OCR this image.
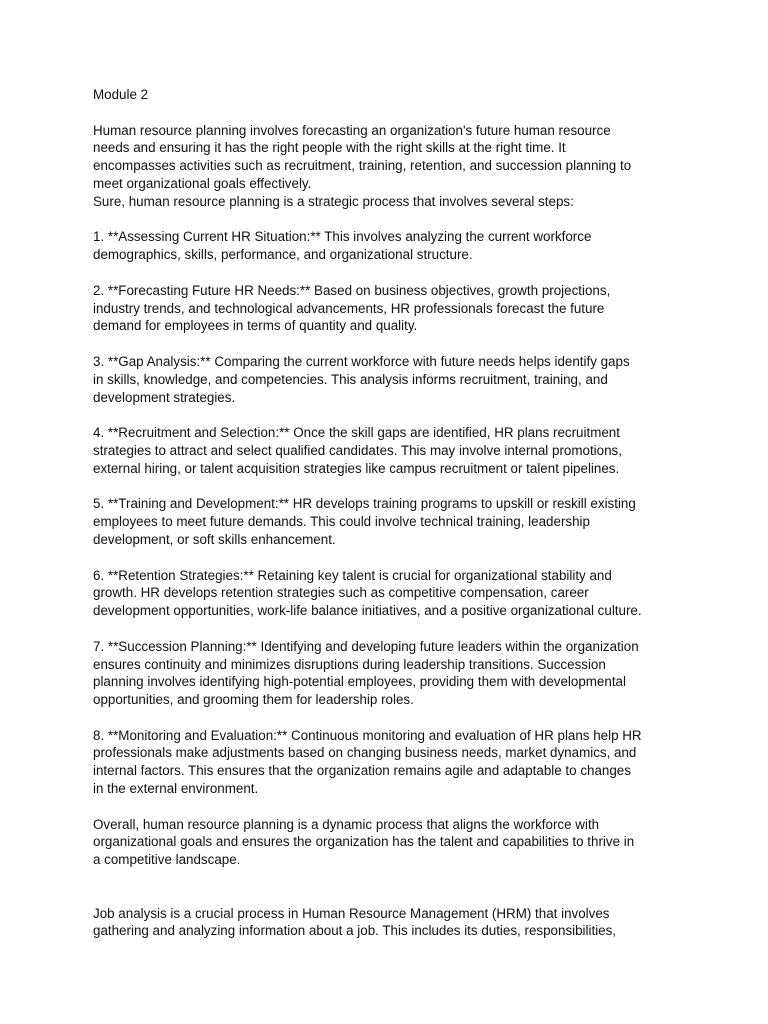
Module 2
Human resource planning involves forecasting an organization's future human resource
needs and ensuring it has the right people with the right skills at the right time. It
encompasses activities such as recruitment, training, retention, and succession planning to
meet organizational goals effectively.
Sure, human resource planning is a strategic process that involves several steps:
1. **Assessing Current HR Situation:** This involves analyzing the current workforce
demographics, skills, performance, and organizational structure.
2. **Forecasting Future HR Needs:** Based on business objectives, growth projections,
industry trends, and technological advancements, HR professionals forecast the future
demand for employees in terms of quantity and quality.
3. **Gap Analysis:** Comparing the current workforce with future needs helps identify gaps
in skills, knowledge, and competencies. This analysis informs recruitment, training, and
development strategies.
4. **Recruitment and Selection:** Once the skill gaps are identified, HR plans recruitment
strategies to attract and select qualified candidates. This may involve internal promotions,
external hiring, or talent acquisition strategies like campus recruitment or talent pipelines.
5. **Training and Development:** HR develops training programs to upskill or reskill existing
employees to meet future demands. This could involve technical training, leadership
development, or soft skills enhancement.
6. **Retention Strategies:** Retaining key talent is crucial for organizational stability and
growth. HR develops retention strategies such as competitive compensation, career
development opportunities, work-life balance initiatives, and a positive organizational culture.
7. **Succession Planning:** Identifying and developing future leaders within the organization
ensures continuity and minimizes disruptions during leadership transitions. Succession
planning involves identifying high-potential employees, providing them with developmental
opportunities, and grooming them for leadership roles.
8. **Monitoring and Evaluation:** Continuous monitoring and evaluation of HR plans help HR
professionals make adjustments based on changing business needs, market dynamics, and
internal factors. This ensures that the organization remains agile and adaptable to changes
in the external environment.
Overall, human resource planning is a dynamic process that aligns the workforce with
organizational goals and ensures the organization has the talent and capabilities to thrive in
a competitive landscape.
Job analysis is a crucial process in Human Resource Management (HRM) that involves
gathering and analyzing information about a job. This includes its duties, responsibilities,
